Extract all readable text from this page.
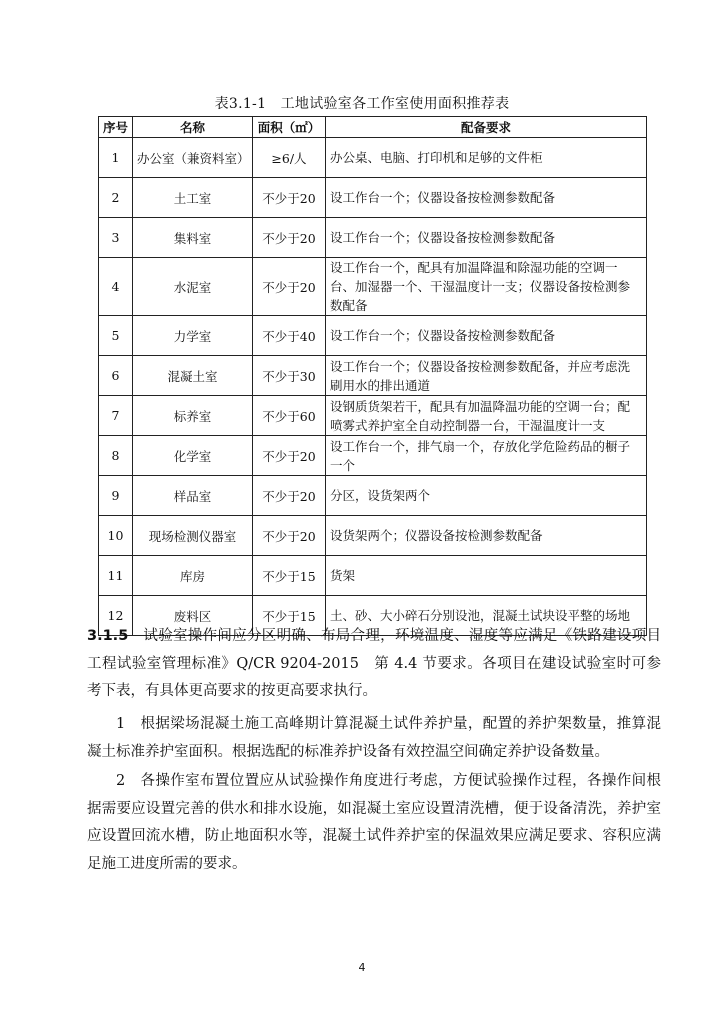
表3.1-1　工地试验室各工作室使用面积推荐表
序号	名称	面积（㎡）	配备要求
1	办公室（兼资料室）	≥6/人	办公桌、电脑、打印机和足够的文件柜
2	土工室	不少于20	设工作台一个；仪器设备按检测参数配备
3	集料室	不少于20	设工作台一个；仪器设备按检测参数配备
4	水泥室	不少于20	设工作台一个，配具有加温降温和除湿功能的空调一台、加湿器一个、干湿温度计一支；仪器设备按检测参数配备
5	力学室	不少于40	设工作台一个；仪器设备按检测参数配备
6	混凝土室	不少于30	设工作台一个；仪器设备按检测参数配备，并应考虑洗刷用水的排出通道
7	标养室	不少于60	设钢质货架若干，配具有加温降温功能的空调一台；配喷雾式养护室全自动控制器一台，干湿温度计一支
8	化学室	不少于20	设工作台一个，排气扇一个，存放化学危险药品的橱子一个
9	样品室	不少于20	分区，设货架两个
10	现场检测仪器室	不少于20	设货架两个；仪器设备按检测参数配备
11	库房	不少于15	货架
12	废料区	不少于15	土、砂、大小碎石分别设池，混凝土试块设平整的场地
3.1.5　试验室操作间应分区明确、布局合理，环境温度、湿度等应满足《铁路建设项目工程试验室管理标准》Q/CR 9204-2015　第 4.4 节要求。各项目在建设试验室时可参考下表，有具体更高要求的按更高要求执行。
1　根据梁场混凝土施工高峰期计算混凝土试件养护量，配置的养护架数量，推算混凝土标准养护室面积。根据选配的标准养护设备有效控温空间确定养护设备数量。
2　各操作室布置位置应从试验操作角度进行考虑，方便试验操作过程，各操作间根据需要应设置完善的供水和排水设施，如混凝土室应设置清洗槽，便于设备清洗，养护室应设置回流水槽，防止地面积水等，混凝土试件养护室的保温效果应满足要求、容积应满足施工进度所需的要求。
4
